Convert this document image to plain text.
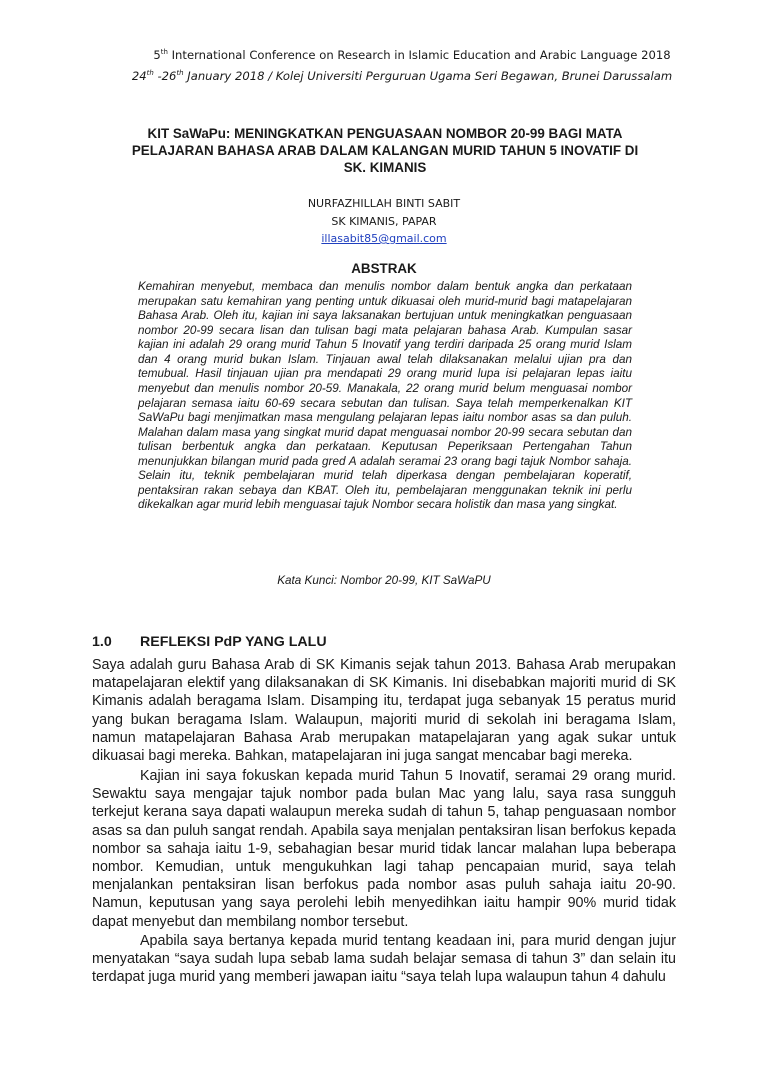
5th International Conference on Research in Islamic Education and Arabic Language 2018
24th -26th January 2018 / Kolej Universiti Perguruan Ugama Seri Begawan, Brunei Darussalam
KIT SaWaPu: MENINGKATKAN PENGUASAAN NOMBOR 20-99 BAGI MATA PELAJARAN BAHASA ARAB DALAM KALANGAN MURID TAHUN 5 INOVATIF DI SK. KIMANIS
NURFAZHILLAH BINTI SABIT
SK KIMANIS, PAPAR
illasabit85@gmail.com
ABSTRAK

Kemahiran menyebut, membaca dan menulis nombor dalam bentuk angka dan perkataan merupakan satu kemahiran yang penting untuk dikuasai oleh murid-murid bagi matapelajaran Bahasa Arab. Oleh itu, kajian ini saya laksanakan bertujuan untuk meningkatkan penguasaan nombor 20-99 secara lisan dan tulisan bagi mata pelajaran bahasa Arab. Kumpulan sasar kajian ini adalah 29 orang murid Tahun 5 Inovatif yang terdiri daripada 25 orang murid Islam dan 4 orang murid bukan Islam. Tinjauan awal telah dilaksanakan melalui ujian pra dan temubual. Hasil tinjauan ujian pra mendapati 29 orang murid lupa isi pelajaran lepas iaitu menyebut dan menulis nombor 20-59. Manakala, 22 orang murid belum menguasai nombor pelajaran semasa iaitu 60-69 secara sebutan dan tulisan. Saya telah memperkenalkan KIT SaWaPu bagi menjimatkan masa mengulang pelajaran lepas iaitu nombor asas sa dan puluh. Malahan dalam masa yang singkat murid dapat menguasai nombor 20-99 secara sebutan dan tulisan berbentuk angka dan perkataan. Keputusan Peperiksaan Pertengahan Tahun menunjukkan bilangan murid pada gred A adalah seramai 23 orang bagi tajuk Nombor sahaja. Selain itu, teknik pembelajaran murid telah diperkasa dengan pembelajaran koperatif, pentaksiran rakan sebaya dan KBAT. Oleh itu, pembelajaran menggunakan teknik ini perlu dikekalkan agar murid lebih menguasai tajuk Nombor secara holistik dan masa yang singkat.

Kata Kunci: Nombor 20-99, KIT SaWaPU
1.0 REFLEKSI PdP YANG LALU

Saya adalah guru Bahasa Arab di SK Kimanis sejak tahun 2013. Bahasa Arab merupakan matapelajaran elektif yang dilaksanakan di SK Kimanis. Ini disebabkan majoriti murid di SK Kimanis adalah beragama Islam. Disamping itu, terdapat juga sebanyak 15 peratus murid yang bukan beragama Islam. Walaupun, majoriti murid di sekolah ini beragama Islam, namun matapelajaran Bahasa Arab merupakan matapelajaran yang agak sukar untuk dikuasai bagi mereka. Bahkan, matapelajaran ini juga sangat mencabar bagi mereka.

Kajian ini saya fokuskan kepada murid Tahun 5 Inovatif, seramai 29 orang murid. Sewaktu saya mengajar tajuk nombor pada bulan Mac yang lalu, saya rasa sungguh terkejut kerana saya dapati walaupun mereka sudah di tahun 5, tahap penguasaan nombor asas sa dan puluh sangat rendah. Apabila saya menjalan pentaksiran lisan berfokus kepada nombor sa sahaja iaitu 1-9, sebahagian besar murid tidak lancar malahan lupa beberapa nombor. Kemudian, untuk mengukuhkan lagi tahap pencapaian murid, saya telah menjalankan pentaksiran lisan berfokus pada nombor asas puluh sahaja iaitu 20-90. Namun, keputusan yang saya perolehi lebih menyedihkan iaitu hampir 90% murid tidak dapat menyebut dan membilang nombor tersebut.

Apabila saya bertanya kepada murid tentang keadaan ini, para murid dengan jujur menyatakan “saya sudah lupa sebab lama sudah belajar semasa di tahun 3” dan selain itu terdapat juga murid yang memberi jawapan iaitu “saya telah lupa walaupun tahun 4 dahulu
